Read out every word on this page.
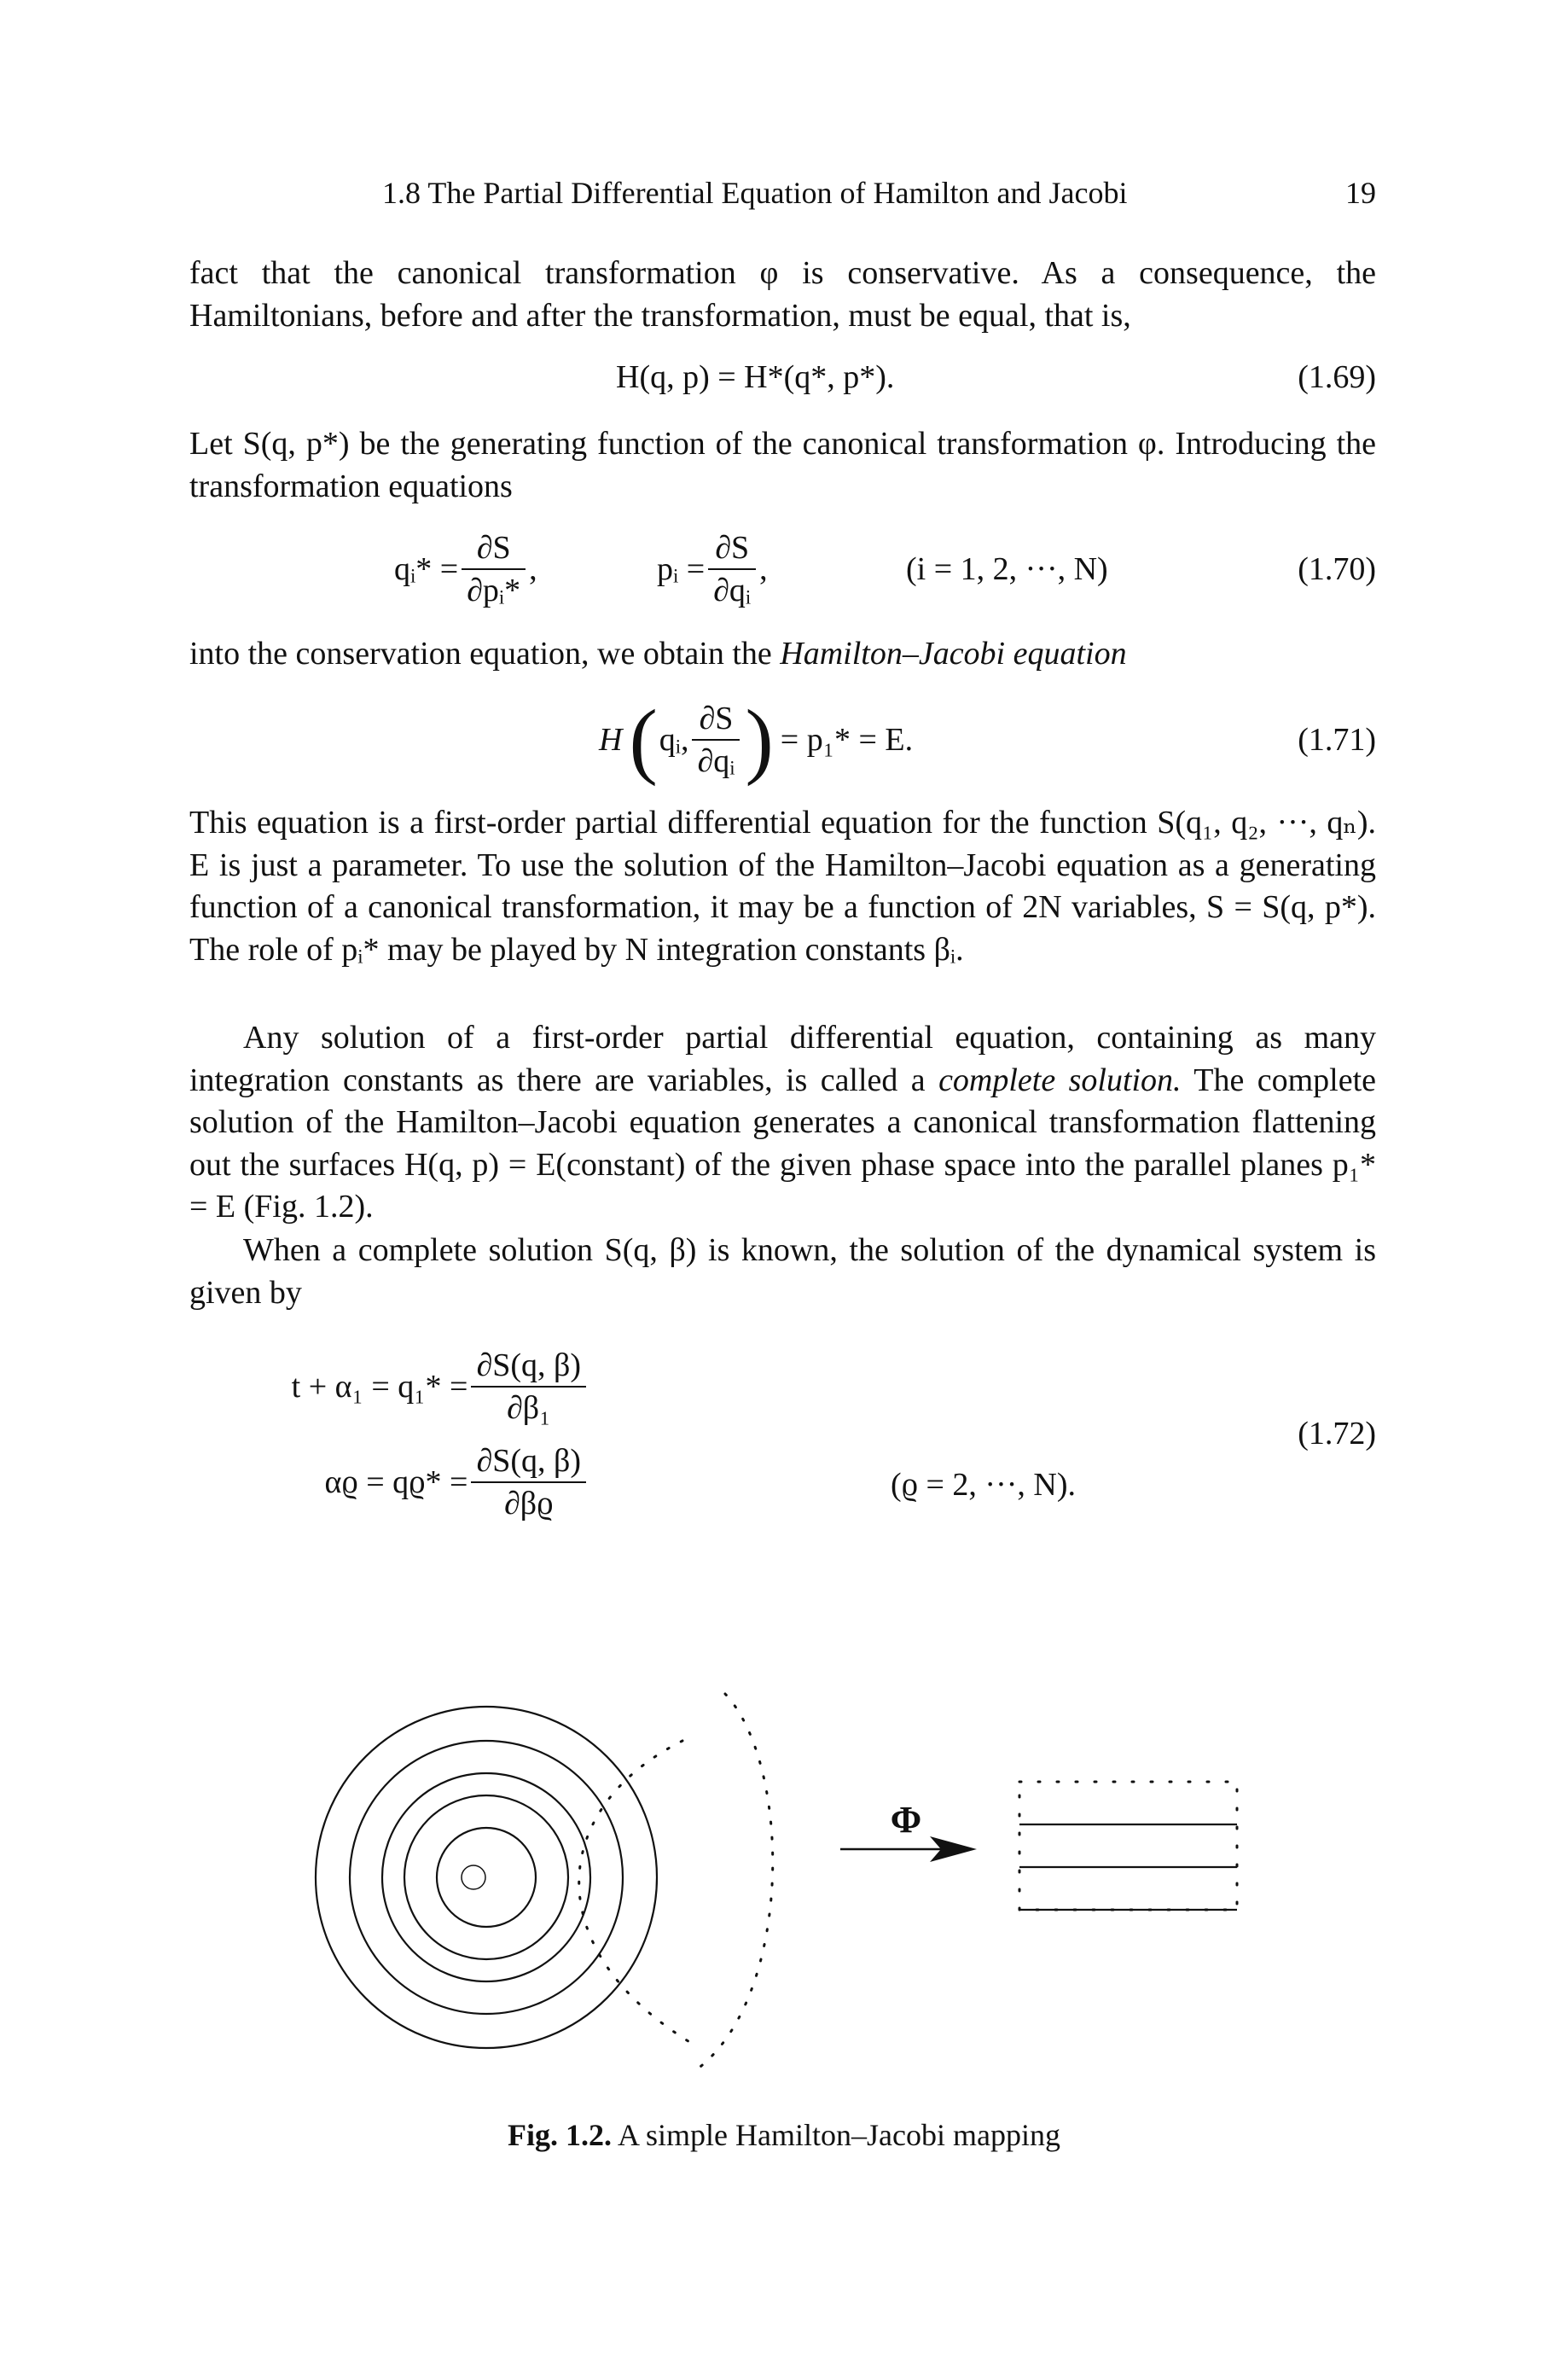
1.8 The Partial Differential Equation of Hamilton and Jacobi	19
fact that the canonical transformation φ is conservative. As a consequence, the Hamiltonians, before and after the transformation, must be equal, that is,
H(q, p) = H*(q*, p*).	(1.69)
Let S(q, p*) be the generating function of the canonical transformation φ. Introducing the transformation equations
qᵢ* = $\frac{\partial S}{\text{∂pᵢ*}}$ ,	pᵢ = $\frac{\partial S}{\text{∂qᵢ}}$ ,	(i = 1, 2, ···, N)	(1.70)
into the conservation equation, we obtain the Hamilton–Jacobi equation
H ( qᵢ, $\frac{\partial S}{\text{∂qᵢ}}$ ) = p₁* = E.	(1.71)
This equation is a first-order partial differential equation for the function S(q₁, q₂, ···, qₙ). E is just a parameter. To use the solution of the Hamilton–Jacobi equation as a generating function of a canonical transformation, it may be a function of 2N variables, S = S(q, p*). The role of pᵢ* may be played by N integration constants βᵢ.
Any solution of a first-order partial differential equation, containing as many integration constants as there are variables, is called a complete solution. The complete solution of the Hamilton–Jacobi equation generates a canonical transformation flattening out the surfaces H(q, p) = E(constant) of the given phase space into the parallel planes p₁* = E (Fig. 1.2).
When a complete solution S(q, β) is known, the solution of the dynamical system is given by
$t + \alpha_1 = q_1* = \frac{\partial S(q, \beta)}{\text{∂β₁}}$
$\alpha ϱ = qϱ* = \frac{\partial S(q, \beta)}{\partial\beta ϱ}$	(ϱ = 2, ···, N).
(1.72)
Φ
Fig. 1.2. A simple Hamilton–Jacobi mapping
